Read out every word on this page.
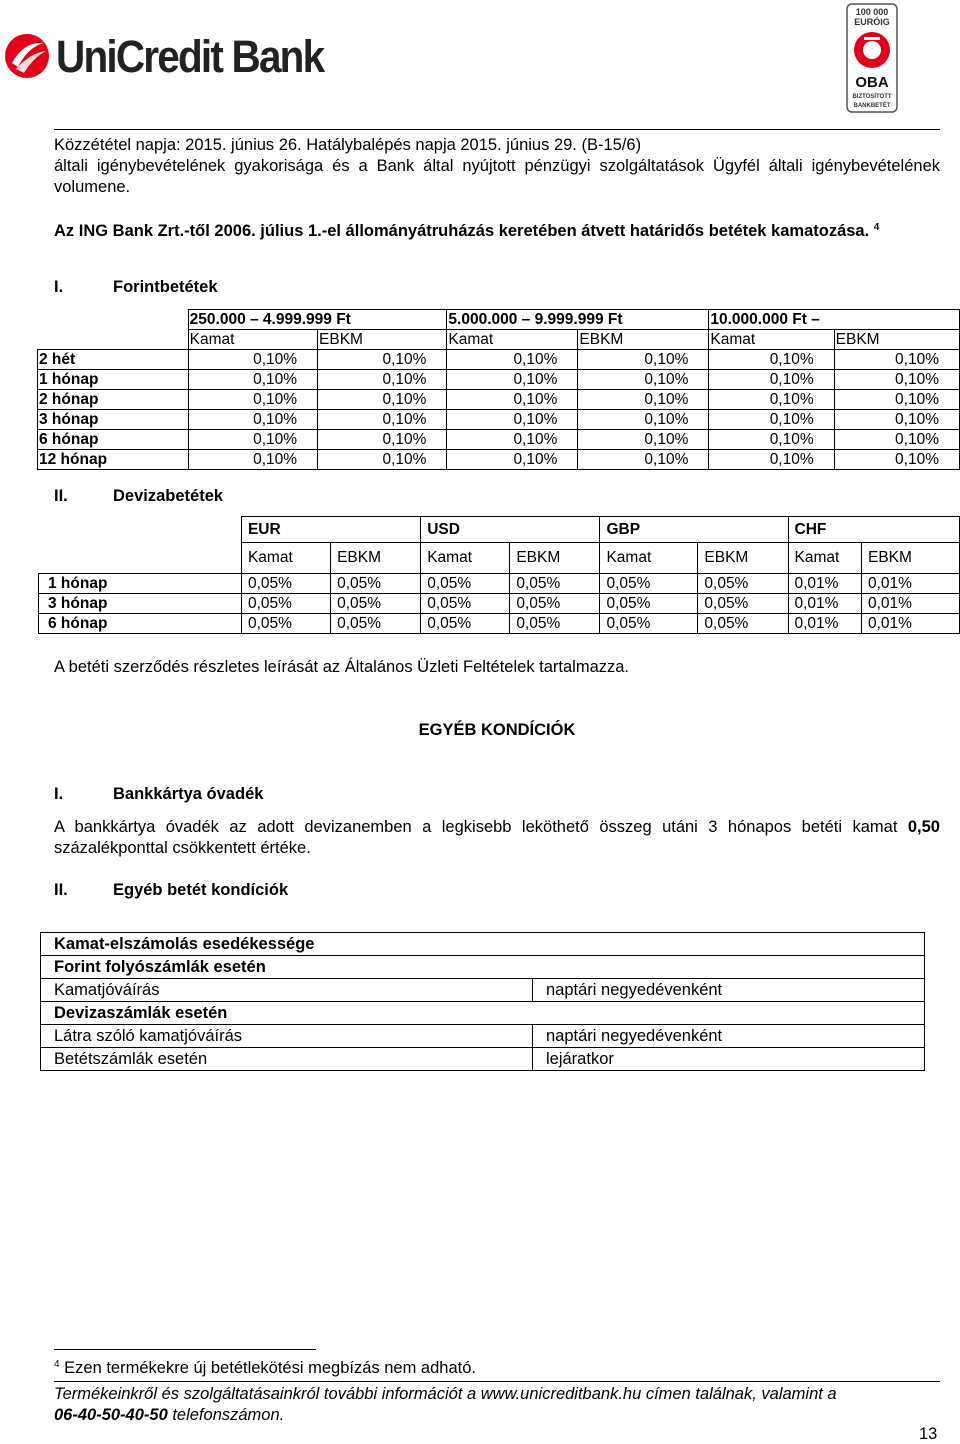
UniCredit Bank
100 000
EURÓIG
OBA
BIZTOSÍTOTT
BANKBETÉT
Közzététel napja: 2015. június 26. Hatálybalépés napja 2015. június 29. (B-15/6)
általi igénybevételének gyakorisága és a Bank által nyújtott pénzügyi szolgáltatások Ügyfél általi igénybevételének volumene.
Az ING Bank Zrt.-től 2006. július 1.-el állományátruházás keretében átvett határidős betétek kamatozása. $^4$
I.	Forintbetétek
	250.000 – 4.999.999 Ft		5.000.000 – 9.999.999 Ft		10.000.000 Ft –	
	Kamat	EBKM	Kamat	EBKM	Kamat	EBKM
2 hét	0,10%	0,10%	0,10%	0,10%	0,10%	0,10%
1 hónap	0,10%	0,10%	0,10%	0,10%	0,10%	0,10%
2 hónap	0,10%	0,10%	0,10%	0,10%	0,10%	0,10%
3 hónap	0,10%	0,10%	0,10%	0,10%	0,10%	0,10%
6 hónap	0,10%	0,10%	0,10%	0,10%	0,10%	0,10%
12 hónap	0,10%	0,10%	0,10%	0,10%	0,10%	0,10%
II.	Devizabetétek
	EUR		USD		GBP		CHF	
	Kamat	EBKM	Kamat	EBKM	Kamat	EBKM	Kamat	EBKM
1 hónap	0,05%	0,05%	0,05%	0,05%	0,05%	0,05%	0,01%	0,01%
3 hónap	0,05%	0,05%	0,05%	0,05%	0,05%	0,05%	0,01%	0,01%
6 hónap	0,05%	0,05%	0,05%	0,05%	0,05%	0,05%	0,01%	0,01%
A betéti szerződés részletes leírását az Általános Üzleti Feltételek tartalmazza.
EGYÉB KONDÍCIÓK
I.	Bankkártya óvadék
A bankkártya óvadék az adott devizanemben a legkisebb leköthető összeg utáni 3 hónapos betéti kamat 0,50 százalékponttal csökkentett értéke.
II.	Egyéb betét kondíciók
Kamat-elszámolás esedékessége	
Forint folyószámlák esetén	
Kamatjóváírás	naptári negyedévenként
Devizaszámlák esetén	
Látra szóló kamatjóváírás	naptári negyedévenként
Betétszámlák esetén	lejáratkor
$^4$ Ezen termékekre új betétlekötési megbízás nem adható.
Termékeinkről és szolgáltatásainkról további információt a www.unicreditbank.hu címen találnak, valamint a
06-40-50-40-50 telefonszámon.
13
